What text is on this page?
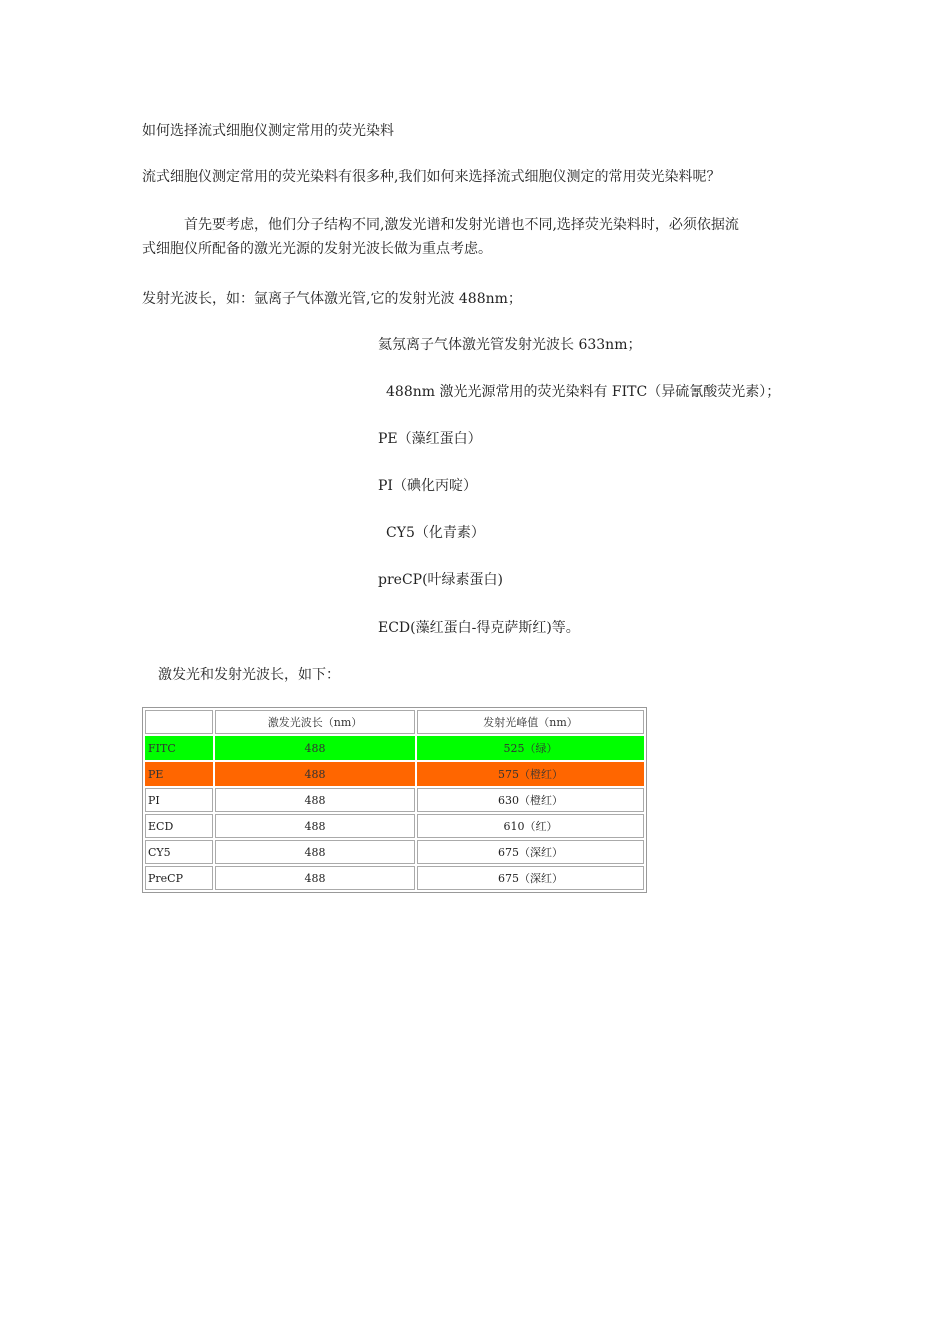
如何选择流式细胞仪测定常用的荧光染料
流式细胞仪测定常用的荧光染料有很多种,我们如何来选择流式细胞仪测定的常用荧光染料呢？
首先要考虑，他们分子结构不同,激发光谱和发射光谱也不同,选择荧光染料时，必须依据流
式细胞仪所配备的激光光源的发射光波长做为重点考虑。
发射光波长，如：氩离子气体激光管,它的发射光波 488nm；
氦氖离子气体激光管发射光波长 633nm；
488nm 激光光源常用的荧光染料有 FITC（异硫氰酸荧光素）；
PE（藻红蛋白）
PI（碘化丙啶）
CY5（化青素）
preCP(叶绿素蛋白)
ECD(藻红蛋白-得克萨斯红)等。
激发光和发射光波长，如下：
	激发光波长（nm）	发射光峰值（nm）
FITC	488	525（绿）
PE	488	575（橙红）
PI	488	630（橙红）
ECD	488	610（红）
CY5	488	675（深红）
PreCP	488	675（深红）
